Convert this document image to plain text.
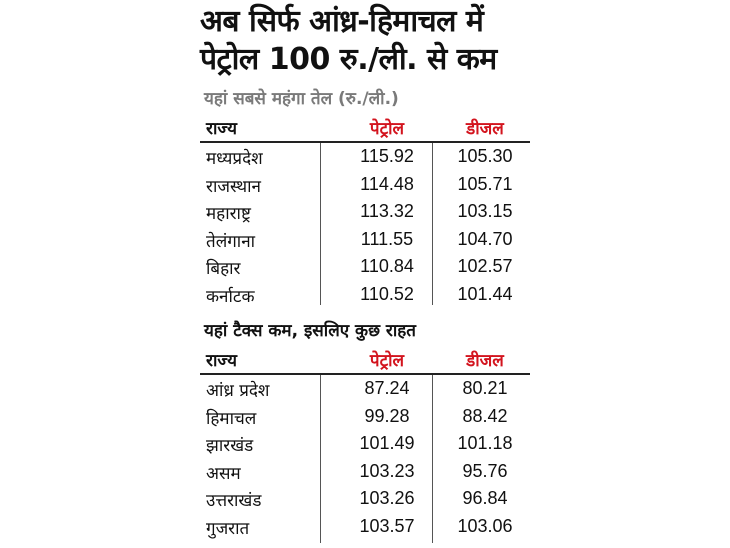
अब सिर्फ आंध्र-हिमाचल में
पेट्रोल 100 रु./ली. से कम
यहां सबसे महंगा तेल (रु./ली.)
राज्य	पेट्रोल	डीजल
मध्यप्रदेश	115.92	105.30
राजस्थान	114.48	105.71
महाराष्ट्र	113.32	103.15
तेलंगाना	111.55	104.70
बिहार	110.84	102.57
कर्नाटक	110.52	101.44
यहां टैक्स कम, इसलिए कुछ राहत
राज्य	पेट्रोल	डीजल
आंध्र प्रदेश	87.24	80.21
हिमाचल	99.28	88.42
झारखंड	101.49	101.18
असम	103.23	95.76
उत्तराखंड	103.26	96.84
गुजरात	103.57	103.06
